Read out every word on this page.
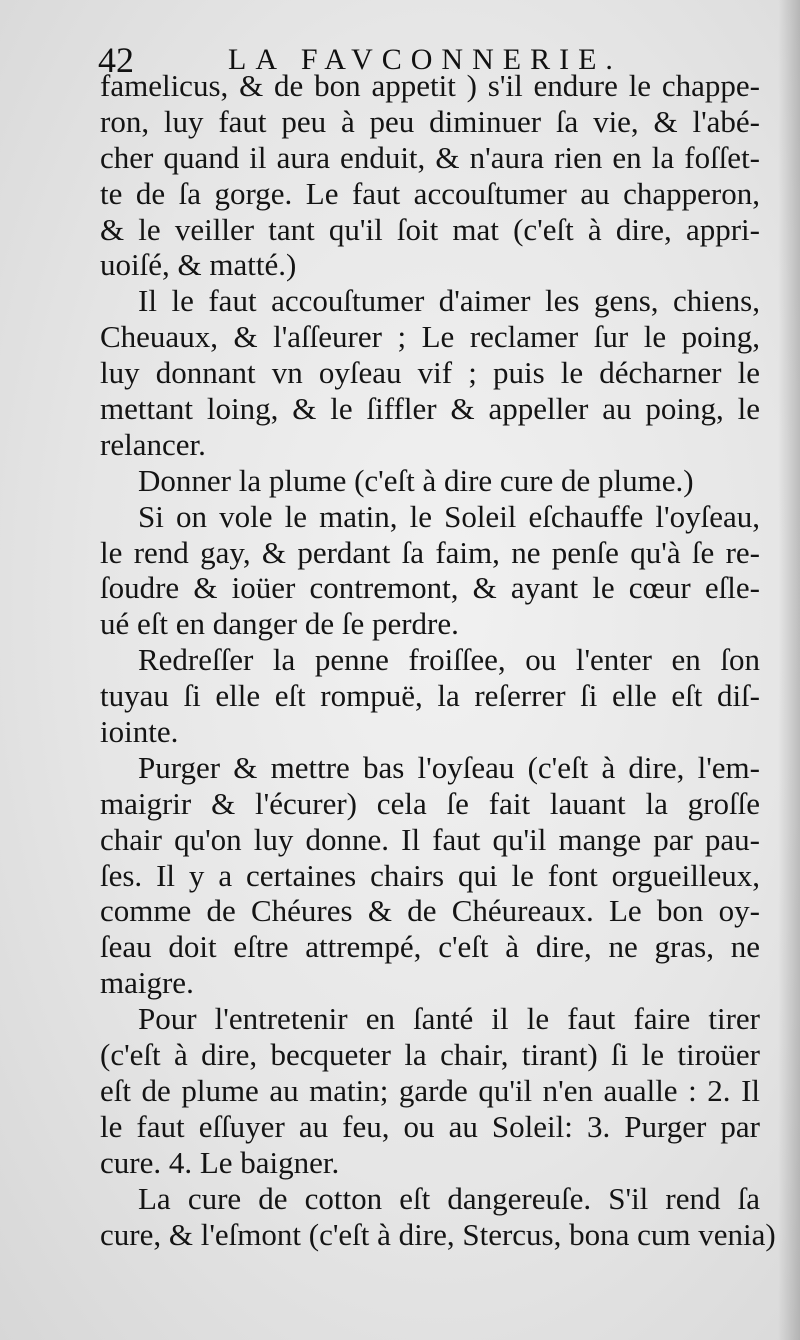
42	LA FAVCONNERIE.
famelicus, & de bon appetit ) s'il endure le chappe-
ron, luy faut peu à peu diminuer ſa vie, & l'abé-
cher quand il aura enduit, & n'aura rien en la foſſet-
te de ſa gorge. Le faut accouſtumer au chapperon,
& le veiller tant qu'il ſoit mat (c'eſt à dire, appri-
uoiſé, & matté.)
Il le faut accouſtumer d'aimer les gens, chiens,
Cheuaux, & l'aſſeurer ; Le reclamer ſur le poing,
luy donnant vn oyſeau vif ; puis le décharner le
mettant loing, & le ſiffler & appeller au poing, le
relancer.
Donner la plume (c'eſt à dire cure de plume.)
Si on vole le matin, le Soleil eſchauffe l'oyſeau,
le rend gay, & perdant ſa faim, ne penſe qu'à ſe re-
ſoudre & ioüer contremont, & ayant le cœur eſle-
ué eſt en danger de ſe perdre.
Redreſſer la penne froiſſee, ou l'enter en ſon
tuyau ſi elle eſt rompuë, la reſerrer ſi elle eſt diſ-
iointe.
Purger & mettre bas l'oyſeau (c'eſt à dire, l'em-
maigrir & l'écurer) cela ſe fait lauant la groſſe
chair qu'on luy donne. Il faut qu'il mange par pau-
ſes. Il y a certaines chairs qui le font orgueilleux,
comme de Chéures & de Chéureaux. Le bon oy-
ſeau doit eſtre attrempé, c'eſt à dire, ne gras, ne
maigre.
Pour l'entretenir en ſanté il le faut faire tirer
(c'eſt à dire, becqueter la chair, tirant) ſi le tiroüer
eſt de plume au matin; garde qu'il n'en aualle : 2. Il
le faut eſſuyer au feu, ou au Soleil: 3. Purger par
cure. 4. Le baigner.
La cure de cotton eſt dangereuſe. S'il rend ſa
cure, & l'eſmont (c'eſt à dire, Stercus, bona cum venia)
